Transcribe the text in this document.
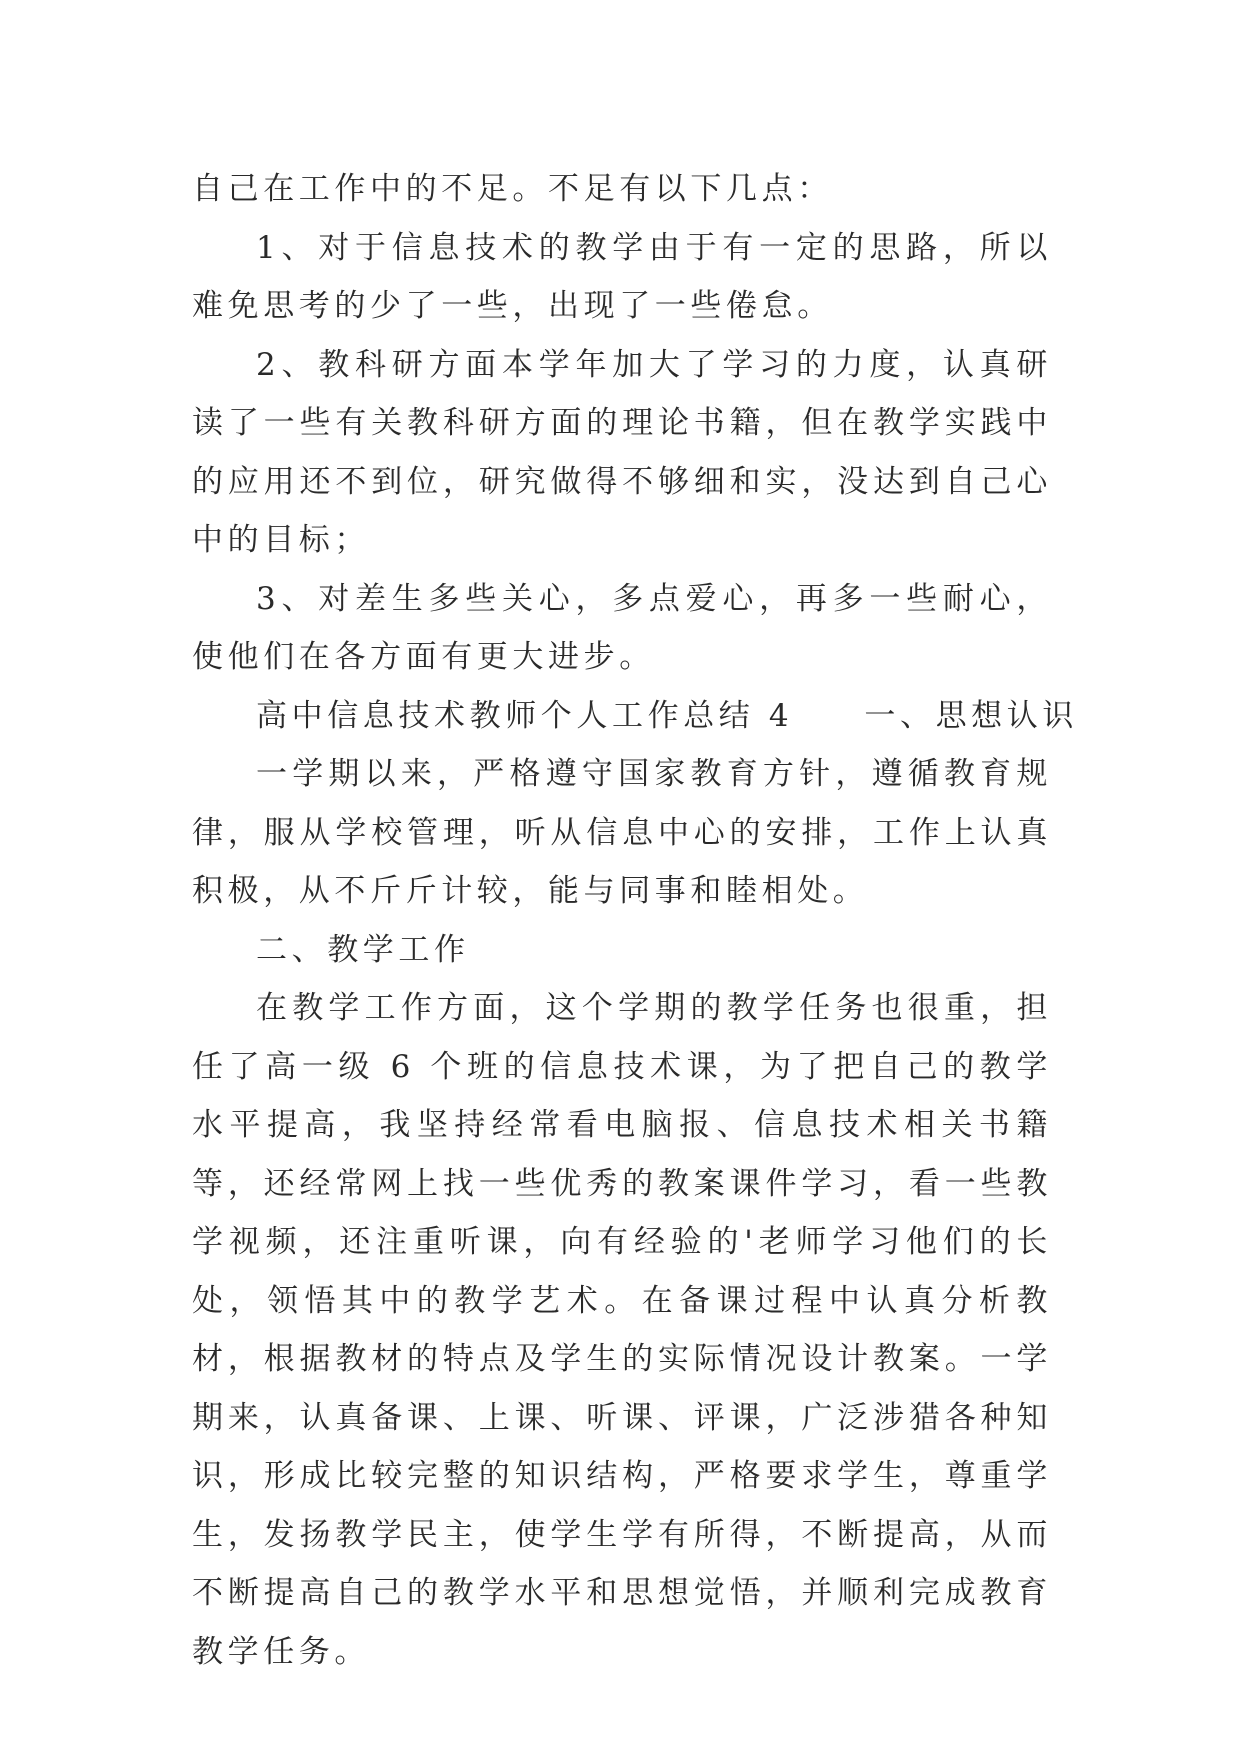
自己在工作中的不足。不足有以下几点：

1、对于信息技术的教学由于有一定的思路，所以难免思考的少了一些，出现了一些倦怠。

2、教科研方面本学年加大了学习的力度，认真研读了一些有关教科研方面的理论书籍，但在教学实践中的应用还不到位，研究做得不够细和实，没达到自己心中的目标；

3、对差生多些关心，多点爱心，再多一些耐心，使他们在各方面有更大进步。

高中信息技术教师个人工作总结 4　　一、思想认识

一学期以来，严格遵守国家教育方针，遵循教育规律，服从学校管理，听从信息中心的安排，工作上认真积极，从不斤斤计较，能与同事和睦相处。

二、教学工作

在教学工作方面，这个学期的教学任务也很重，担任了高一级 6 个班的信息技术课，为了把自己的教学水平提高，我坚持经常看电脑报、信息技术相关书籍等，还经常网上找一些优秀的教案课件学习，看一些教学视频，还注重听课，向有经验的'老师学习他们的长处，领悟其中的教学艺术。在备课过程中认真分析教材，根据教材的特点及学生的实际情况设计教案。一学期来，认真备课、上课、听课、评课，广泛涉猎各种知识，形成比较完整的知识结构，严格要求学生，尊重学生，发扬教学民主，使学生学有所得，不断提高，从而不断提高自己的教学水平和思想觉悟，并顺利完成教育教学任务。
